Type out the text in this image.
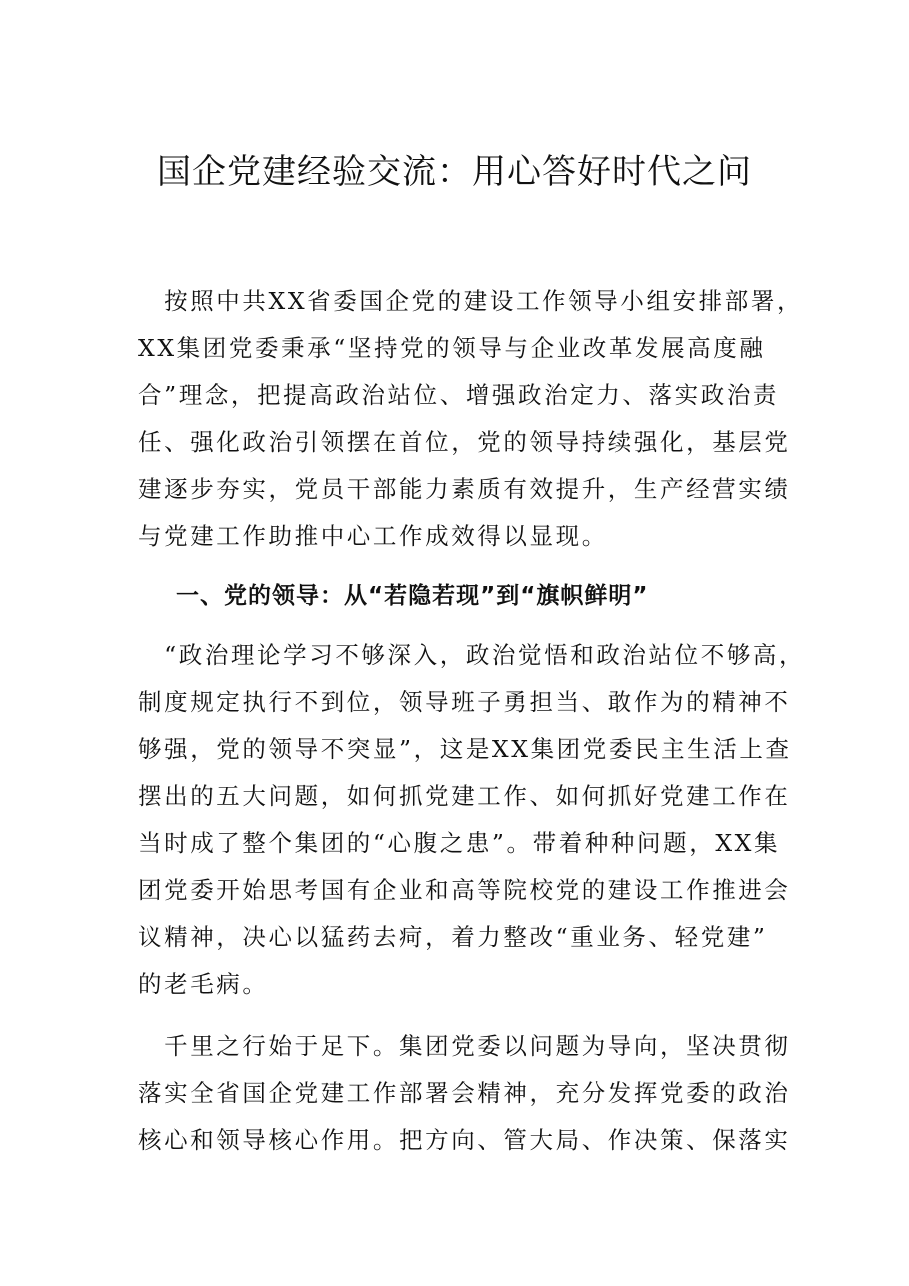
国企党建经验交流：用心答好时代之问

　按照中共XX省委国企党的建设工作领导小组安排部署，
XX集团党委秉承“坚持党的领导与企业改革发展高度融
合”理念，把提高政治站位、增强政治定力、落实政治责
任、强化政治引领摆在首位，党的领导持续强化，基层党
建逐步夯实，党员干部能力素质有效提升，生产经营实绩
与党建工作助推中心工作成效得以显现。

一、党的领导：从“若隐若现”到“旗帜鲜明”

　“政治理论学习不够深入，政治觉悟和政治站位不够高，
制度规定执行不到位，领导班子勇担当、敢作为的精神不
够强，党的领导不突显”，这是XX集团党委民主生活上查
摆出的五大问题，如何抓党建工作、如何抓好党建工作在
当时成了整个集团的“心腹之患”。带着种种问题，XX集
团党委开始思考国有企业和高等院校党的建设工作推进会
议精神，决心以猛药去疴，着力整改“重业务、轻党建”
的老毛病。

　千里之行始于足下。集团党委以问题为导向，坚决贯彻
落实全省国企党建工作部署会精神，充分发挥党委的政治
核心和领导核心作用。把方向、管大局、作决策、保落实
